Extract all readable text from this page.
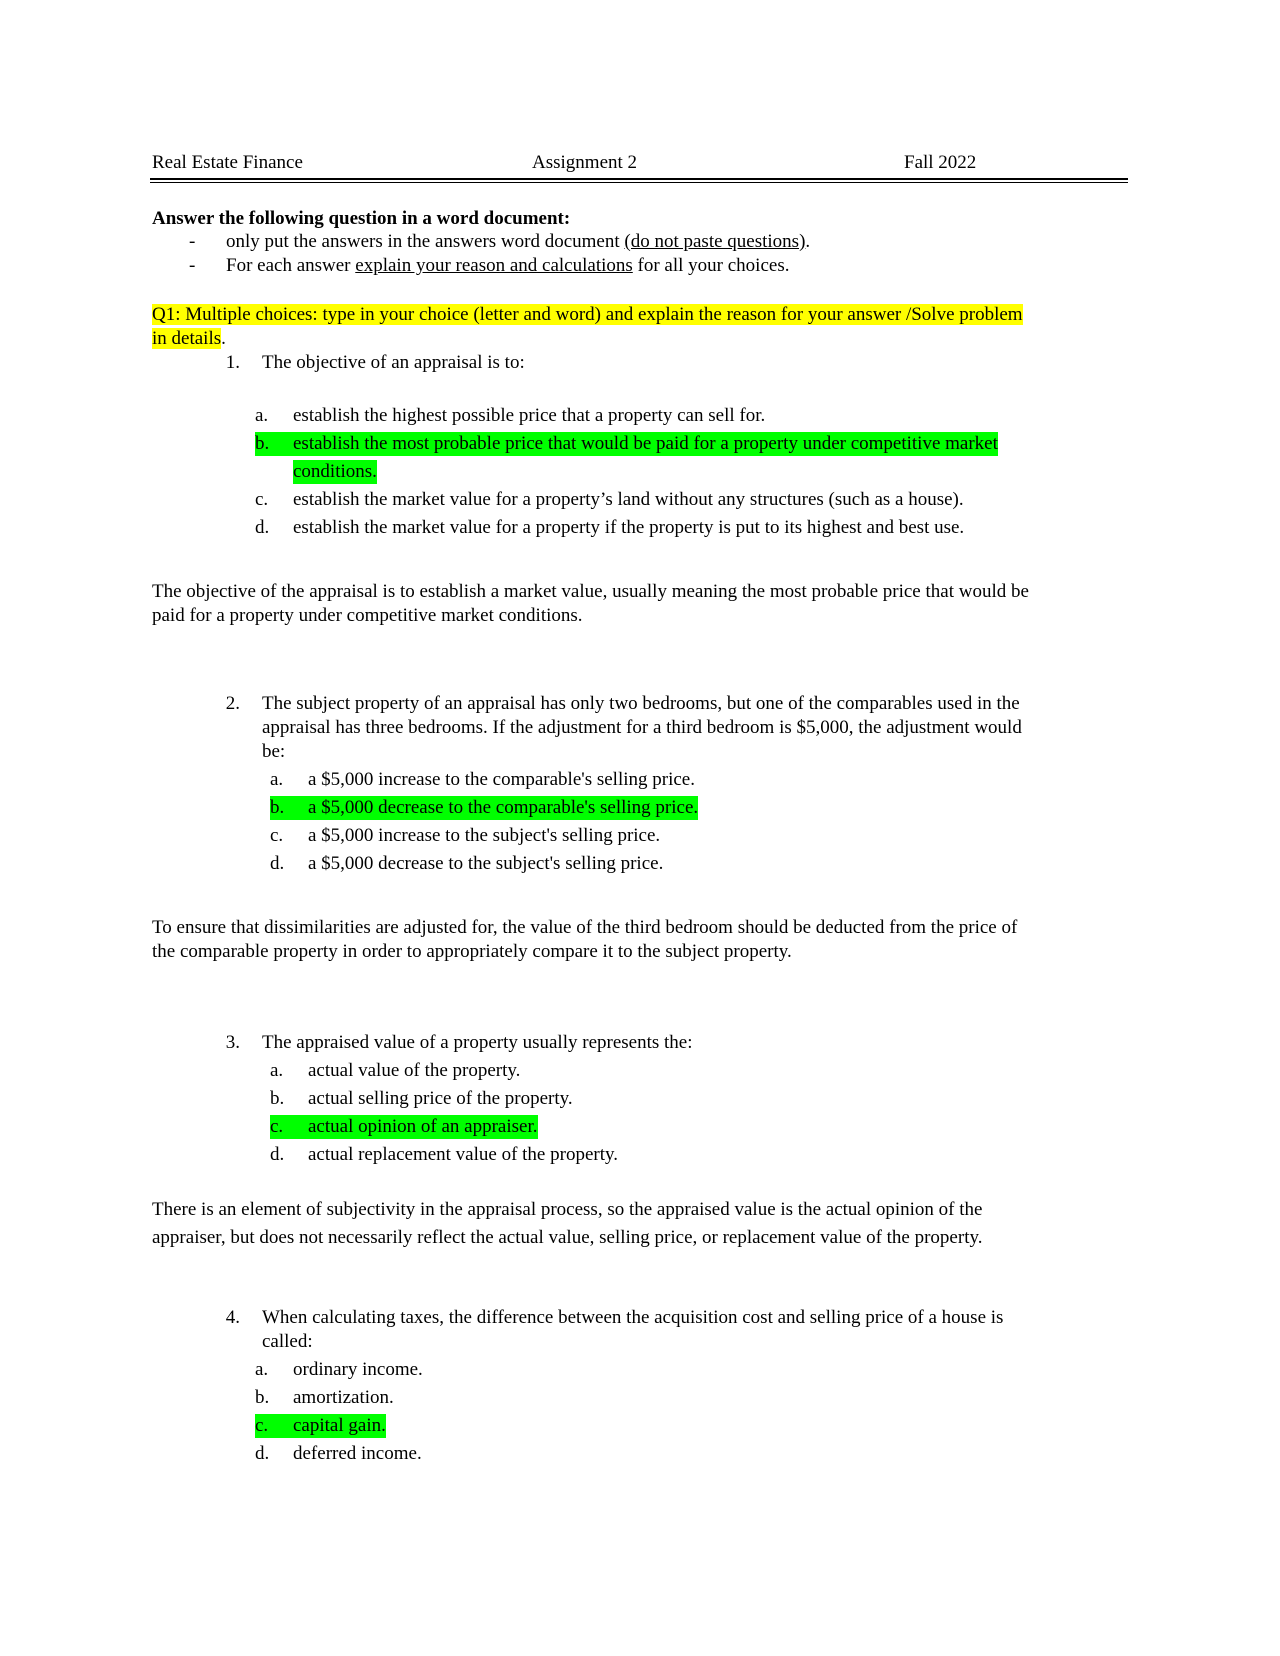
Real Estate Finance	Assignment 2	Fall 2022
Answer the following question in a word document:
- only put the answers in the answers word document (do not paste questions).
- For each answer explain your reason and calculations for all your choices.
Q1: Multiple choices: type in your choice (letter and word) and explain the reason for your answer /Solve problem
in details.
1. The objective of an appraisal is to:
a. establish the highest possible price that a property can sell for.
b.	establish the most probable price that would be paid for a property under competitive market
conditions.
c. establish the market value for a property’s land without any structures (such as a house).
d. establish the market value for a property if the property is put to its highest and best use.
The objective of the appraisal is to establish a market value, usually meaning the most probable price that would be
paid for a property under competitive market conditions.
2. The subject property of an appraisal has only two bedrooms, but one of the comparables used in the
appraisal has three bedrooms. If the adjustment for a third bedroom is $5,000, the adjustment would
be:
a. a $5,000 increase to the comparable's selling price.
b.	a $5,000 decrease to the comparable's selling price.
c. a $5,000 increase to the subject's selling price.
d. a $5,000 decrease to the subject's selling price.
To ensure that dissimilarities are adjusted for, the value of the third bedroom should be deducted from the price of
the comparable property in order to appropriately compare it to the subject property.
3. The appraised value of a property usually represents the:
a. actual value of the property.
b. actual selling price of the property.
c.	actual opinion of an appraiser.
d. actual replacement value of the property.
There is an element of subjectivity in the appraisal process, so the appraised value is the actual opinion of the
appraiser, but does not necessarily reflect the actual value, selling price, or replacement value of the property.
4. When calculating taxes, the difference between the acquisition cost and selling price of a house is
called:
a. ordinary income.
b. amortization.
c.	capital gain.
d. deferred income.
